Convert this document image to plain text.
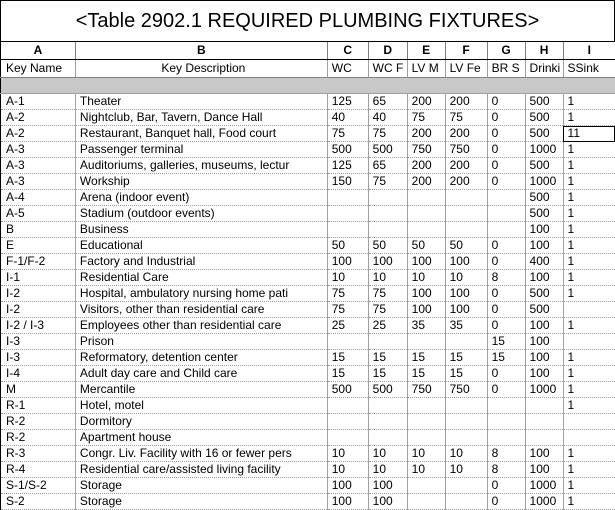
<Table 2902.1 REQUIRED PLUMBING FIXTURES>
A	B	C	D	E	F	G	H	I
Key Name	Key Description	WC	WC F	LV M	LV Fe	BR S	Drinki	SSink

A-1	Theater	125	65	200	200	0	500	1
A-2	Nightclub, Bar, Tavern, Dance Hall	40	40	75	75	0	500	1
A-2	Restaurant, Banquet hall, Food court	75	75	200	200	0	500	11
A-3	Passenger terminal	500	500	750	750	0	1000	1
A-3	Auditoriums, galleries, museums, lectur	125	65	200	200	0	500	1
A-3	Workship	150	75	200	200	0	1000	1
A-4	Arena (indoor event)						500	1
A-5	Stadium (outdoor events)						500	1
B	Business						100	1
E	Educational	50	50	50	50	0	100	1
F-1/F-2	Factory and Industrial	100	100	100	100	0	400	1
I-1	Residential Care	10	10	10	10	8	100	1
I-2	Hospital, ambulatory nursing home pati	75	75	100	100	0	500	1
I-2	Visitors, other than residential care	75	75	100	100	0	500	
I-2 / I-3	Employees other than residential care	25	25	35	35	0	100	1
I-3	Prison					15	100	
I-3	Reformatory, detention center	15	15	15	15	15	100	1
I-4	Adult day care and Child care	15	15	15	15	0	100	1
M	Mercantile	500	500	750	750	0	1000	1
R-1	Hotel, motel							1
R-2	Dormitory							
R-2	Apartment house							
R-3	Congr. Liv. Facility with 16 or fewer pers	10	10	10	10	8	100	1
R-4	Residential care/assisted living facility	10	10	10	10	8	100	1
S-1/S-2	Storage	100	100			0	1000	1
S-2	Storage	100	100			0	1000	1
